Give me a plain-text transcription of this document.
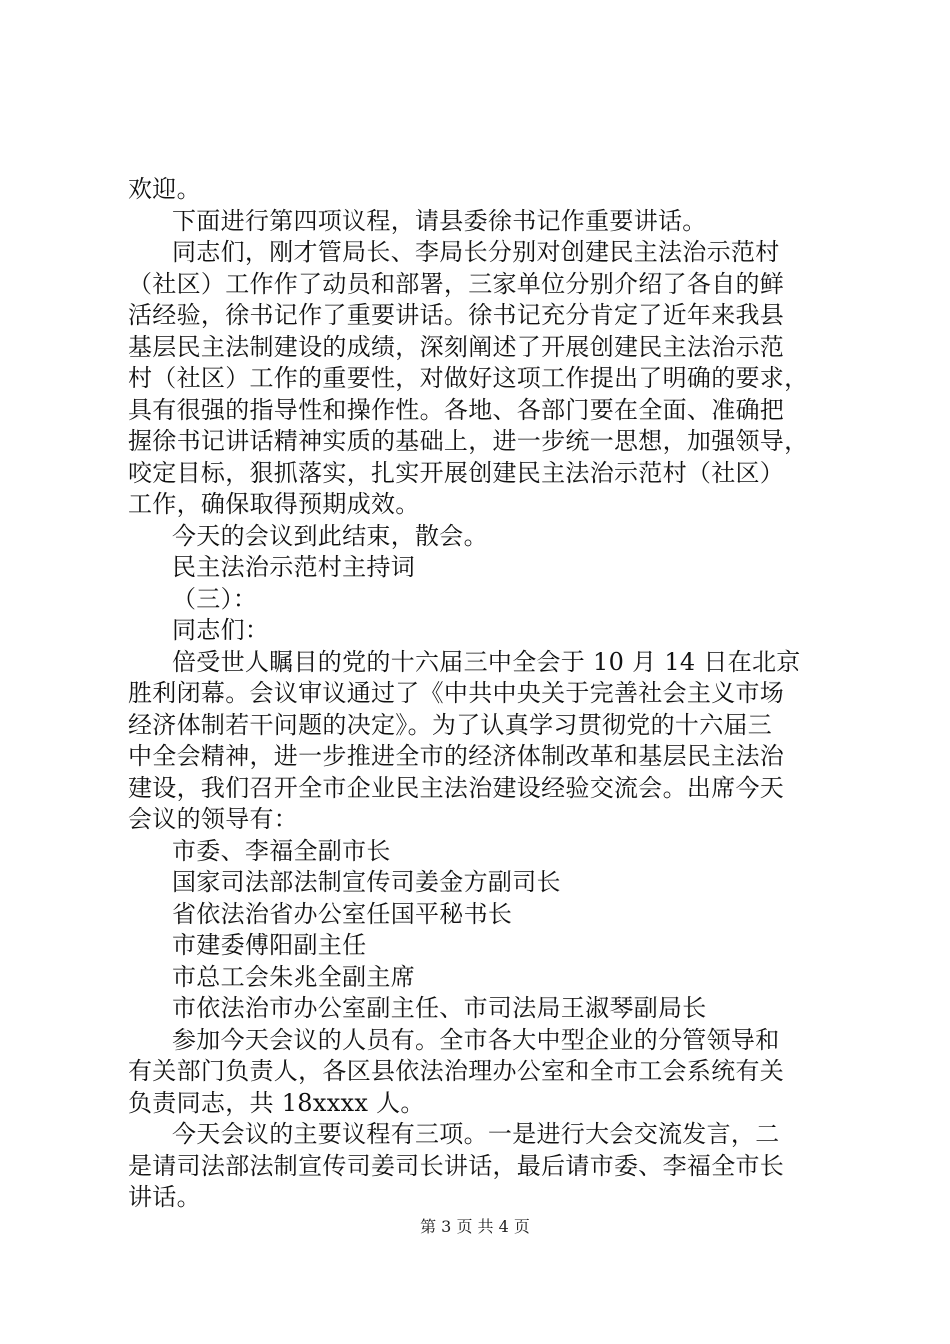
欢迎。
下面进行第四项议程，请县委徐书记作重要讲话。
同志们，刚才管局长、李局长分别对创建民主法治示范村
（社区）工作作了动员和部署，三家单位分别介绍了各自的鲜
活经验，徐书记作了重要讲话。徐书记充分肯定了近年来我县
基层民主法制建设的成绩，深刻阐述了开展创建民主法治示范
村（社区）工作的重要性，对做好这项工作提出了明确的要求，
具有很强的指导性和操作性。各地、各部门要在全面、准确把
握徐书记讲话精神实质的基础上，进一步统一思想，加强领导，
咬定目标，狠抓落实，扎实开展创建民主法治示范村（社区）
工作，确保取得预期成效。
今天的会议到此结束，散会。
民主法治示范村主持词
（三）：
同志们：
倍受世人瞩目的党的十六届三中全会于 10 月 14 日在北京
胜利闭幕。会议审议通过了《中共中央关于完善社会主义市场
经济体制若干问题的决定》。为了认真学习贯彻党的十六届三
中全会精神，进一步推进全市的经济体制改革和基层民主法治
建设，我们召开全市企业民主法治建设经验交流会。出席今天
会议的领导有：
市委、李福全副市长
国家司法部法制宣传司姜金方副司长
省依法治省办公室任国平秘书长
市建委傅阳副主任
市总工会朱兆全副主席
市依法治市办公室副主任、市司法局王淑琴副局长
参加今天会议的人员有。全市各大中型企业的分管领导和
有关部门负责人，各区县依法治理办公室和全市工会系统有关
负责同志，共 18xxxx 人。
今天会议的主要议程有三项。一是进行大会交流发言，二
是请司法部法制宣传司姜司长讲话，最后请市委、李福全市长
讲话。
第 3 页 共 4 页
